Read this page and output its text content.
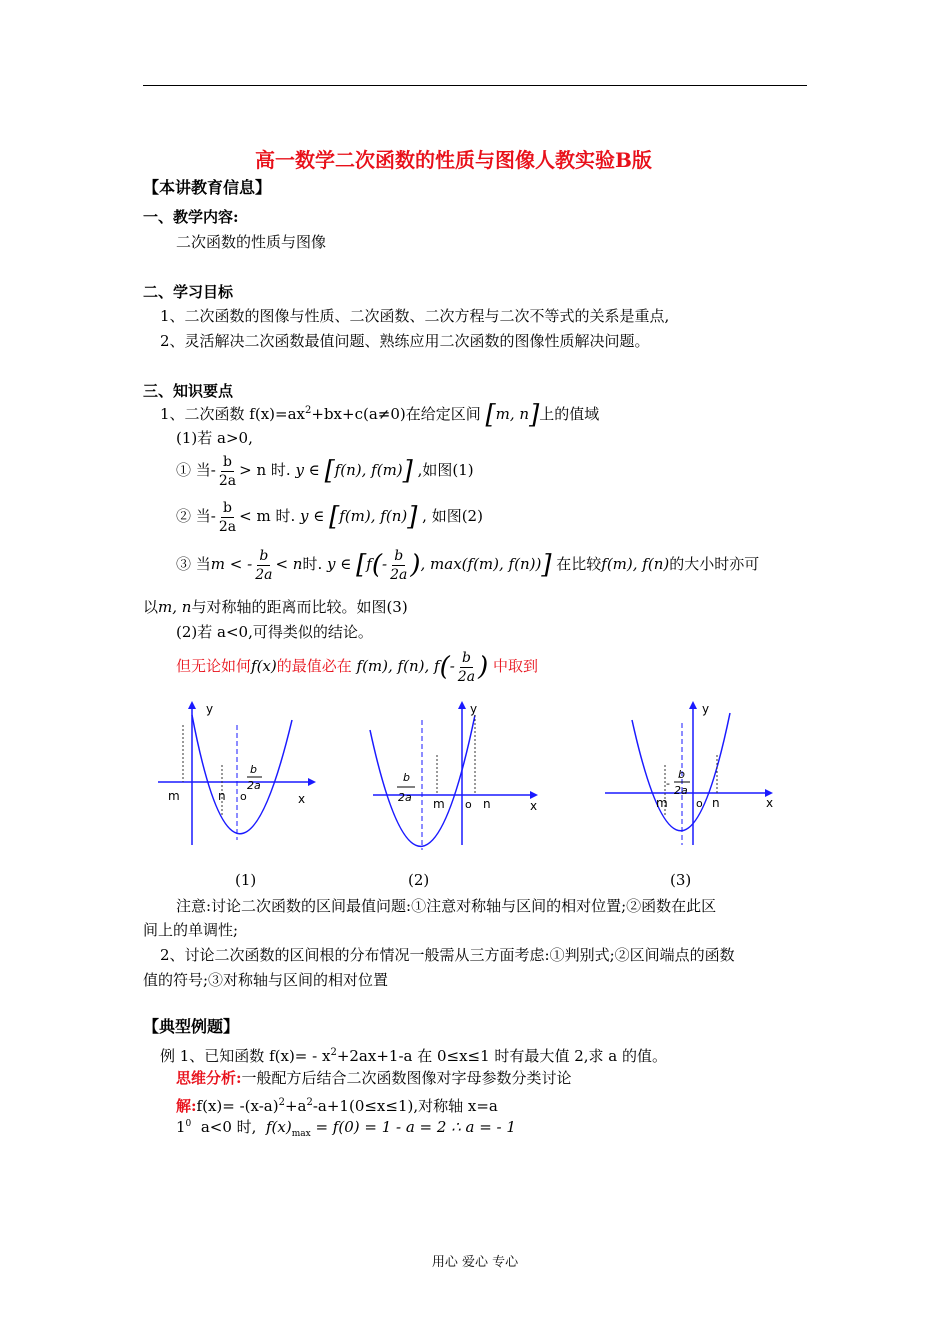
高一数学二次函数的性质与图像人教实验B版
【本讲教育信息】
一、教学内容:
二次函数的性质与图像
二、学习目标
1、二次函数的图像与性质、二次函数、二次方程与二次不等式的关系是重点,
2、灵活解决二次函数最值问题、熟练应用二次函数的图像性质解决问题。
三、知识要点
1、二次函数 $f(x)=ax^2+bx+c(a\ne 0)$在给定区间 [m, n]上的值域
(1)若 a>0,
① 当- $\frac{b}{2a} > n$ 时. y ∈ [f(n), f(m)] ,如图(1)
② 当- $\frac{b}{2a} < m$ 时. y ∈ [f(m), f(n)] , 如图(2)
③ 当m < - $\frac{b}{2a} < n$时. y ∈ [$f(- \frac{b}{2a}$ ), max(f(m), f(n))] 在比较f(m), f(n)的大小时亦可
以m, n与对称轴的距离而比较。如图(3)
(2)若 a<0,可得类似的结论。
但无论如何f(x)的最值必在 f(m), f(n), $f(- \frac{b}{2a}$ ) 中取到
m	n o
b
2a
x
y
b
2a m o n	x
y
-
b
2a
m	o n	x
y
(1)	(2)	(3)
注意:讨论二次函数的区间最值问题:①注意对称轴与区间的相对位置;②函数在此区
间上的单调性;
2、讨论二次函数的区间根的分布情况一般需从三方面考虑:①判别式;②区间端点的函数
值的符号;③对称轴与区间的相对位置
【典型例题】
例 1、已知函数 $f(x)= - x^2+2ax+1-a$ 在 0≤x≤1 时有最大值 2,求 a 的值。
思维分析:一般配方后结合二次函数图像对字母参数分类讨论
解:f(x)= $-(x-a)^2+a^2-a+1(0\le x\le 1)$,对称轴 x=a
$1^0$ a<0 时, $f(x)_{max} = f(0) = 1 - a = 2$ ∴ a = - 1
用心 爱心 专心
